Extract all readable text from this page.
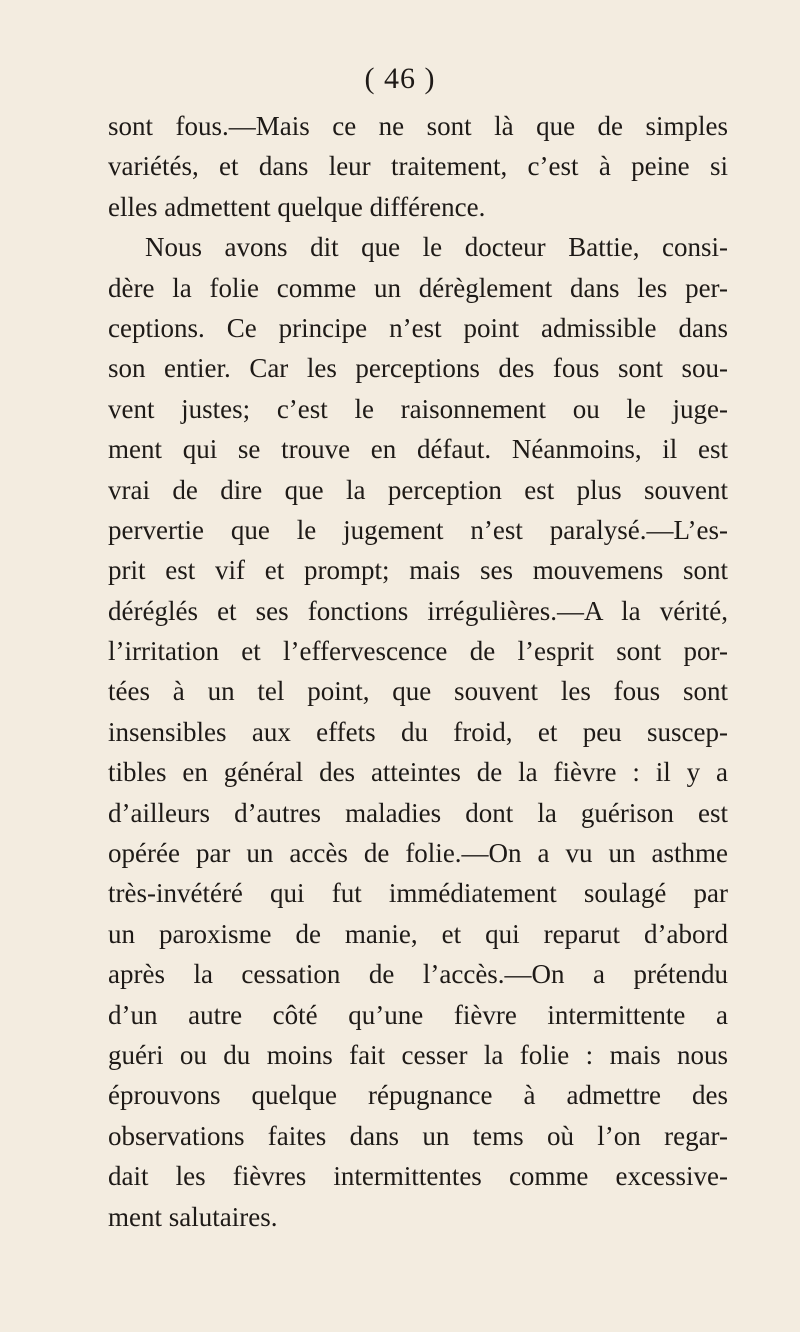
( 46 )
sont fous.—Mais ce ne sont là que de simples
variétés, et dans leur traitement, c’est à peine si
elles admettent quelque différence.
Nous avons dit que le docteur Battie, consi-
dère la folie comme un dérèglement dans les per-
ceptions. Ce principe n’est point admissible dans
son entier. Car les perceptions des fous sont sou-
vent justes; c’est le raisonnement ou le juge-
ment qui se trouve en défaut. Néanmoins, il est
vrai de dire que la perception est plus souvent
pervertie que le jugement n’est paralysé.—L’es-
prit est vif et prompt; mais ses mouvemens sont
déréglés et ses fonctions irrégulières.—A la vérité,
l’irritation et l’effervescence de l’esprit sont por-
tées à un tel point, que souvent les fous sont
insensibles aux effets du froid, et peu suscep-
tibles en général des atteintes de la fièvre : il y a
d’ailleurs d’autres maladies dont la guérison est
opérée par un accès de folie.—On a vu un asthme
très-invétéré qui fut immédiatement soulagé par
un paroxisme de manie, et qui reparut d’abord
après la cessation de l’accès.—On a prétendu
d’un autre côté qu’une fièvre intermittente a
guéri ou du moins fait cesser la folie : mais nous
éprouvons quelque répugnance à admettre des
observations faites dans un tems où l’on regar-
dait les fièvres intermittentes comme excessive-
ment salutaires.
